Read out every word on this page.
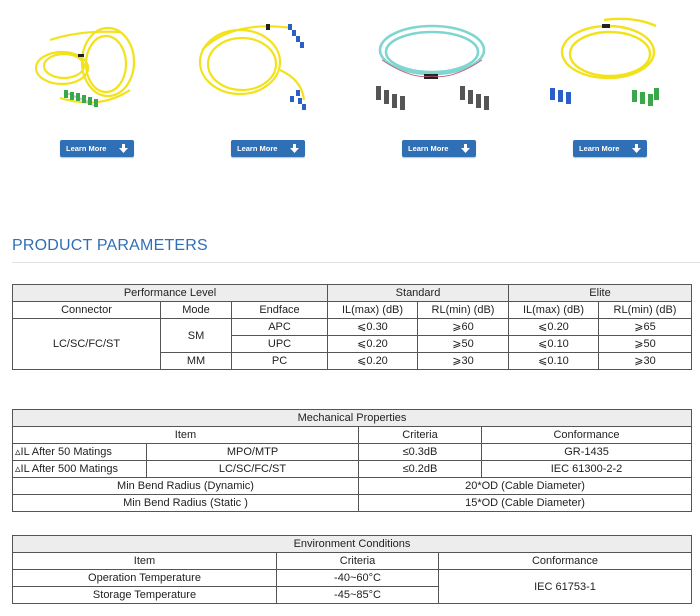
Learn More	Learn More	Learn More	Learn More
PRODUCT PARAMETERS
Performance Level			Standard		Elite	
Connector	Mode	Endface	IL(max) (dB)	RL(min) (dB)	IL(max) (dB)	RL(min) (dB)
LC/SC/FC/ST	SM	APC	⩽0.30	⩾60	⩽0.20	⩾65
		UPC	⩽0.20	⩾50	⩽0.10	⩾50
	MM	PC	⩽0.20	⩾30	⩽0.10	⩾30
Mechanical Properties			
Item		Criteria	Conformance
▵IL After 50 Matings	MPO/MTP	≤0.3dB	GR-1435
▵IL After 500 Matings	LC/SC/FC/ST	≤0.2dB	IEC 61300-2-2
Min Bend Radius (Dynamic)		20*OD (Cable Diameter)	
Min Bend Radius (Static )		15*OD (Cable Diameter)	
Environment Conditions		
Item	Criteria	Conformance
Operation Temperature	-40~60°C	IEC 61753-1
Storage Temperature	-45~85°C	
